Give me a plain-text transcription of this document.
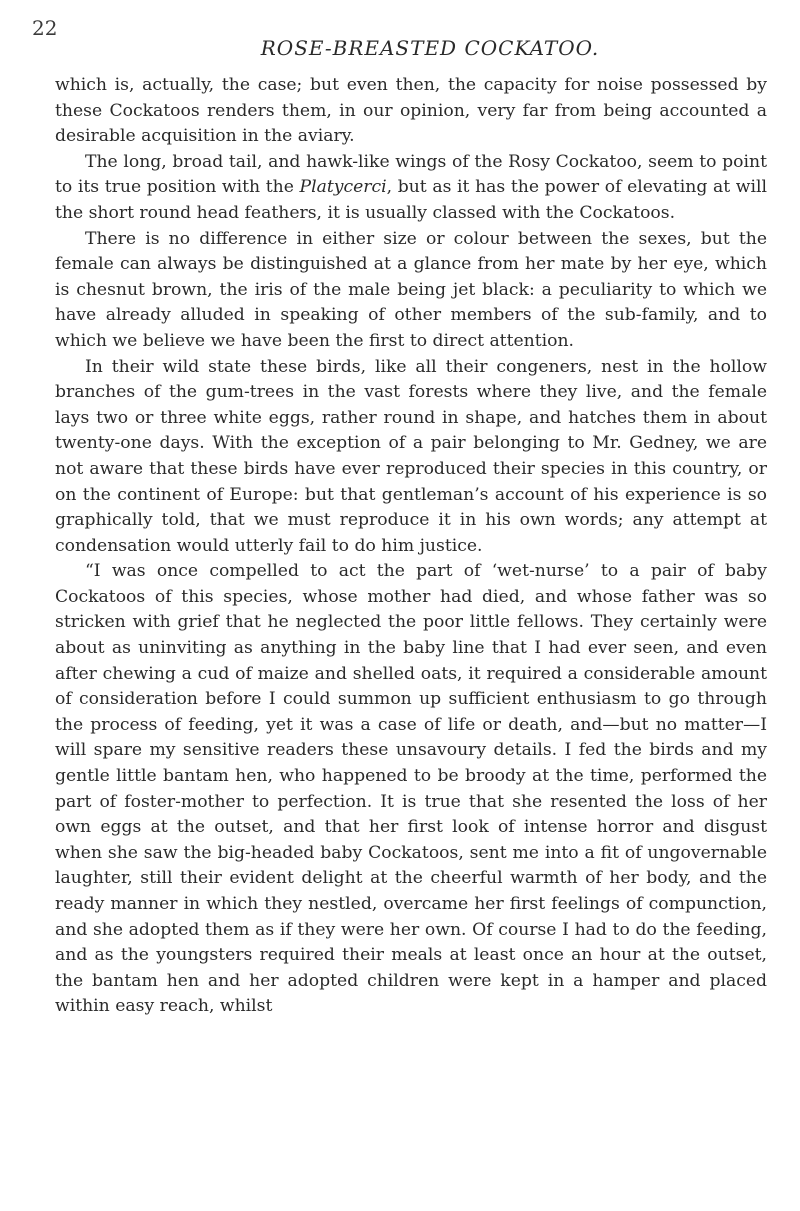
22
ROSE-BREASTED COCKATOO.

which is, actually, the case; but even then, the capacity for noise possessed by these Cockatoos renders them, in our opinion, very far from being accounted a desirable acquisition in the aviary.

The long, broad tail, and hawk-like wings of the Rosy Cockatoo, seem to point to its true position with the Platycerci, but as it has the power of elevating at will the short round head feathers, it is usually classed with the Cockatoos.

There is no difference in either size or colour between the sexes, but the female can always be distinguished at a glance from her mate by her eye, which is chesnut brown, the iris of the male being jet black: a peculiarity to which we have already alluded in speaking of other members of the sub-family, and to which we believe we have been the first to direct attention.

In their wild state these birds, like all their congeners, nest in the hollow branches of the gum-trees in the vast forests where they live, and the female lays two or three white eggs, rather round in shape, and hatches them in about twenty-one days. With the exception of a pair belonging to Mr. Gedney, we are not aware that these birds have ever reproduced their species in this country, or on the continent of Europe: but that gentleman’s account of his experience is so graphically told, that we must reproduce it in his own words; any attempt at condensation would utterly fail to do him justice.

“I was once compelled to act the part of ‘wet-nurse’ to a pair of baby Cockatoos of this species, whose mother had died, and whose father was so stricken with grief that he neglected the poor little fellows. They certainly were about as uninviting as anything in the baby line that I had ever seen, and even after chewing a cud of maize and shelled oats, it required a considerable amount of consideration before I could summon up sufficient enthusiasm to go through the process of feeding, yet it was a case of life or death, and—but no matter—I will spare my sensitive readers these unsavoury details. I fed the birds and my gentle little bantam hen, who happened to be broody at the time, performed the part of foster-mother to perfection. It is true that she resented the loss of her own eggs at the outset, and that her first look of intense horror and disgust when she saw the big-headed baby Cockatoos, sent me into a fit of ungovernable laughter, still their evident delight at the cheerful warmth of her body, and the ready manner in which they nestled, overcame her first feelings of compunction, and she adopted them as if they were her own. Of course I had to do the feeding, and as the youngsters required their meals at least once an hour at the outset, the bantam hen and her adopted children were kept in a hamper and placed within easy reach, whilst
